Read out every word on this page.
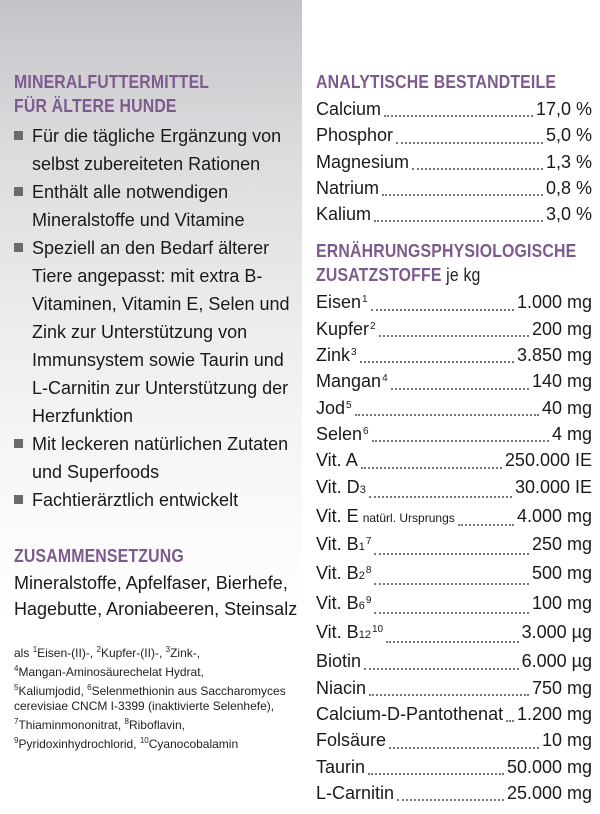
MINERALFUTTERMITTEL
FÜR ÄLTERE HUNDE
Für die tägliche Ergänzung von selbst zubereiteten Rationen
Enthält alle notwendigen Mineralstoffe und Vitamine
Speziell an den Bedarf älterer Tiere angepasst: mit extra B-Vitaminen, Vitamin E, Selen und Zink zur Unterstützung von Immunsystem sowie Taurin und L-Carnitin zur Unterstützung der Herzfunktion
Mit leckeren natürlichen Zutaten und Superfoods
Fachtierärztlich entwickelt
ZUSAMMENSETZUNG
Mineralstoffe, Apfelfaser, Bierhefe, Hagebutte, Aroniabeeren, Steinsalz
als $^1$Eisen-(II)-, $^2$Kupfer-(II)-, $^3$Zink-,
$^4$Mangan-Aminosäurechelat Hydrat,
$^5$Kaliumjodid, $^6$Selenmethionin aus Saccharomyces cerevisiae CNCM I-3399 (inaktivierte Selenhefe), $^7$Thiaminmononitrat, $^8$Riboflavin, $^9$Pyridoxinhydrochlorid, $^{10}$Cyanocobalamin
ANALYTISCHE BESTANDTEILE
Calcium	17,0 %
Phosphor	5,0 %
Magnesium	1,3 %
Natrium	0,8 %
Kalium	3,0 %
ERNÄHRUNGSPHYSIOLOGISCHE
ZUSATZSTOFFE je kg
Eisen$^1$	1.000 mg
Kupfer$^2$	200 mg
Zink$^3$	3.850 mg
Mangan$^4$	140 mg
Jod$^5$	40 mg
Selen$^6$	4 mg
Vit. A	250.000 IE
Vit. D3	30.000 IE
Vit. E natürl. Ursprungs	4.000 mg
Vit. $B1^7$	250 mg
Vit. $B2^8$	500 mg
Vit. $B6^9$	100 mg
Vit. $B12^{10}$	3.000 µg
Biotin	6.000 µg
Niacin	750 mg
Calcium-D-Pantothenat 1.200 mg
Folsäure	10 mg
Taurin	50.000 mg
L-Carnitin	25.000 mg
